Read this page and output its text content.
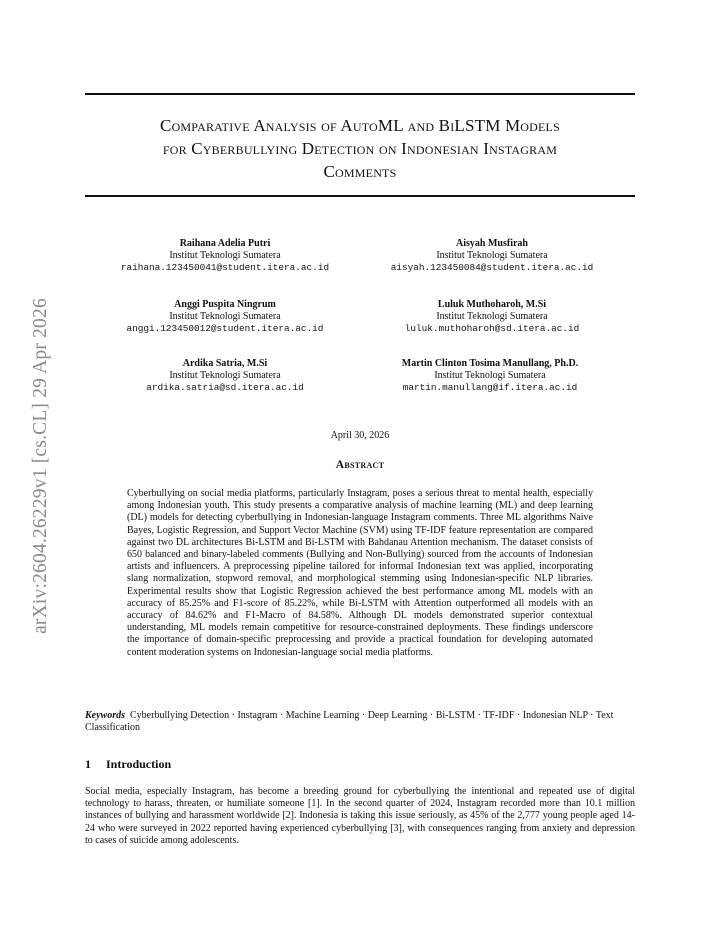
arXiv:2604.26229v1 [cs.CL] 29 Apr 2026
Comparative Analysis of AutoML and BiLSTM Models
for Cyberbullying Detection on Indonesian Instagram
Comments
Raihana Adelia Putri
Institut Teknologi Sumatera
raihana.123450041@student.itera.ac.id
Aisyah Musfirah
Institut Teknologi Sumatera
aisyah.123450084@student.itera.ac.id
Anggi Puspita Ningrum
Institut Teknologi Sumatera
anggi.123450012@student.itera.ac.id
Luluk Muthoharoh, M.Si
Institut Teknologi Sumatera
luluk.muthoharoh@sd.itera.ac.id
Ardika Satria, M.Si
Institut Teknologi Sumatera
ardika.satria@sd.itera.ac.id
Martin Clinton Tosima Manullang, Ph.D.
Institut Teknologi Sumatera
martin.manullang@if.itera.ac.id
April 30, 2026
Abstract
Cyberbullying on social media platforms, particularly Instagram, poses a serious threat to mental health, especially among Indonesian youth. This study presents a comparative analysis of machine learning (ML) and deep learning (DL) models for detecting cyberbullying in Indonesian-language Instagram comments. Three ML algorithms Naive Bayes, Logistic Regression, and Support Vector Machine (SVM) using TF-IDF feature representation are compared against two DL architectures Bi-LSTM and Bi-LSTM with Bahdanau Attention mechanism. The dataset consists of 650 balanced and binary-labeled comments (Bullying and Non-Bullying) sourced from the accounts of Indonesian artists and influencers. A preprocessing pipeline tailored for informal Indonesian text was applied, incorporating slang normalization, stopword removal, and morphological stemming using Indonesian-specific NLP libraries. Experimental results show that Logistic Regression achieved the best performance among ML models with an accuracy of 85.25% and F1-score of 85.22%, while Bi-LSTM with Attention outperformed all models with an accuracy of 84.62% and F1-Macro of 84.58%. Although DL models demonstrated superior contextual understanding, ML models remain competitive for resource-constrained deployments. These findings underscore the importance of domain-specific preprocessing and provide a practical foundation for developing automated content moderation systems on Indonesian-language social media platforms.
Keywords Cyberbullying Detection · Instagram · Machine Learning · Deep Learning · Bi-LSTM · TF-IDF · Indonesian NLP · Text Classification
1 Introduction
Social media, especially Instagram, has become a breeding ground for cyberbullying the intentional and repeated use of digital technology to harass, threaten, or humiliate someone [1]. In the second quarter of 2024, Instagram recorded more than 10.1 million instances of bullying and harassment worldwide [2]. Indonesia is taking this issue seriously, as 45% of the 2,777 young people aged 14-24 who were surveyed in 2022 reported having experienced cyberbullying [3], with consequences ranging from anxiety and depression to cases of suicide among adolescents.
